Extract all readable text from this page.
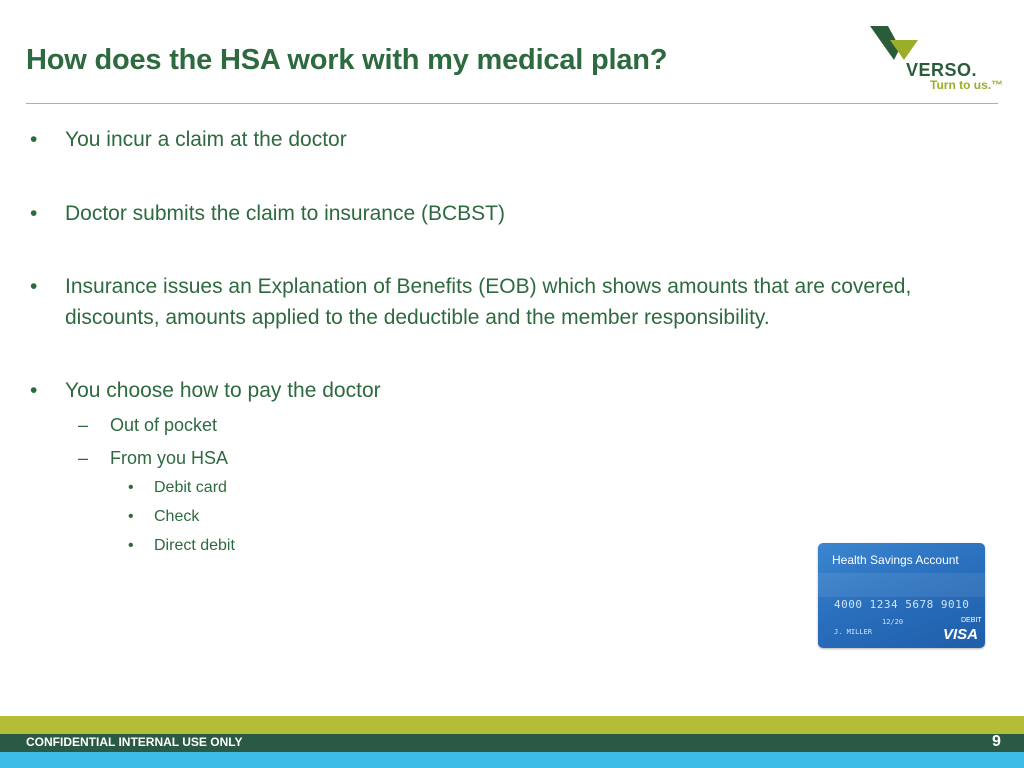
How does the HSA work with my medical plan?	VERSO.
Turn to us.™
• You incur a claim at the doctor
• Doctor submits the claim to insurance (BCBST)
• Insurance issues an Explanation of Benefits (EOB) which shows amounts that are covered, discounts, amounts applied to the deductible and the member responsibility.
• You choose how to pay the doctor
– Out of pocket
– From you HSA
• Debit card
• Check
• Direct debit
Health Savings Account
4000 1234 5678 9010
12/20
J. MILLER
DEBIT
VISA
CONFIDENTIAL INTERNAL USE ONLY	9
